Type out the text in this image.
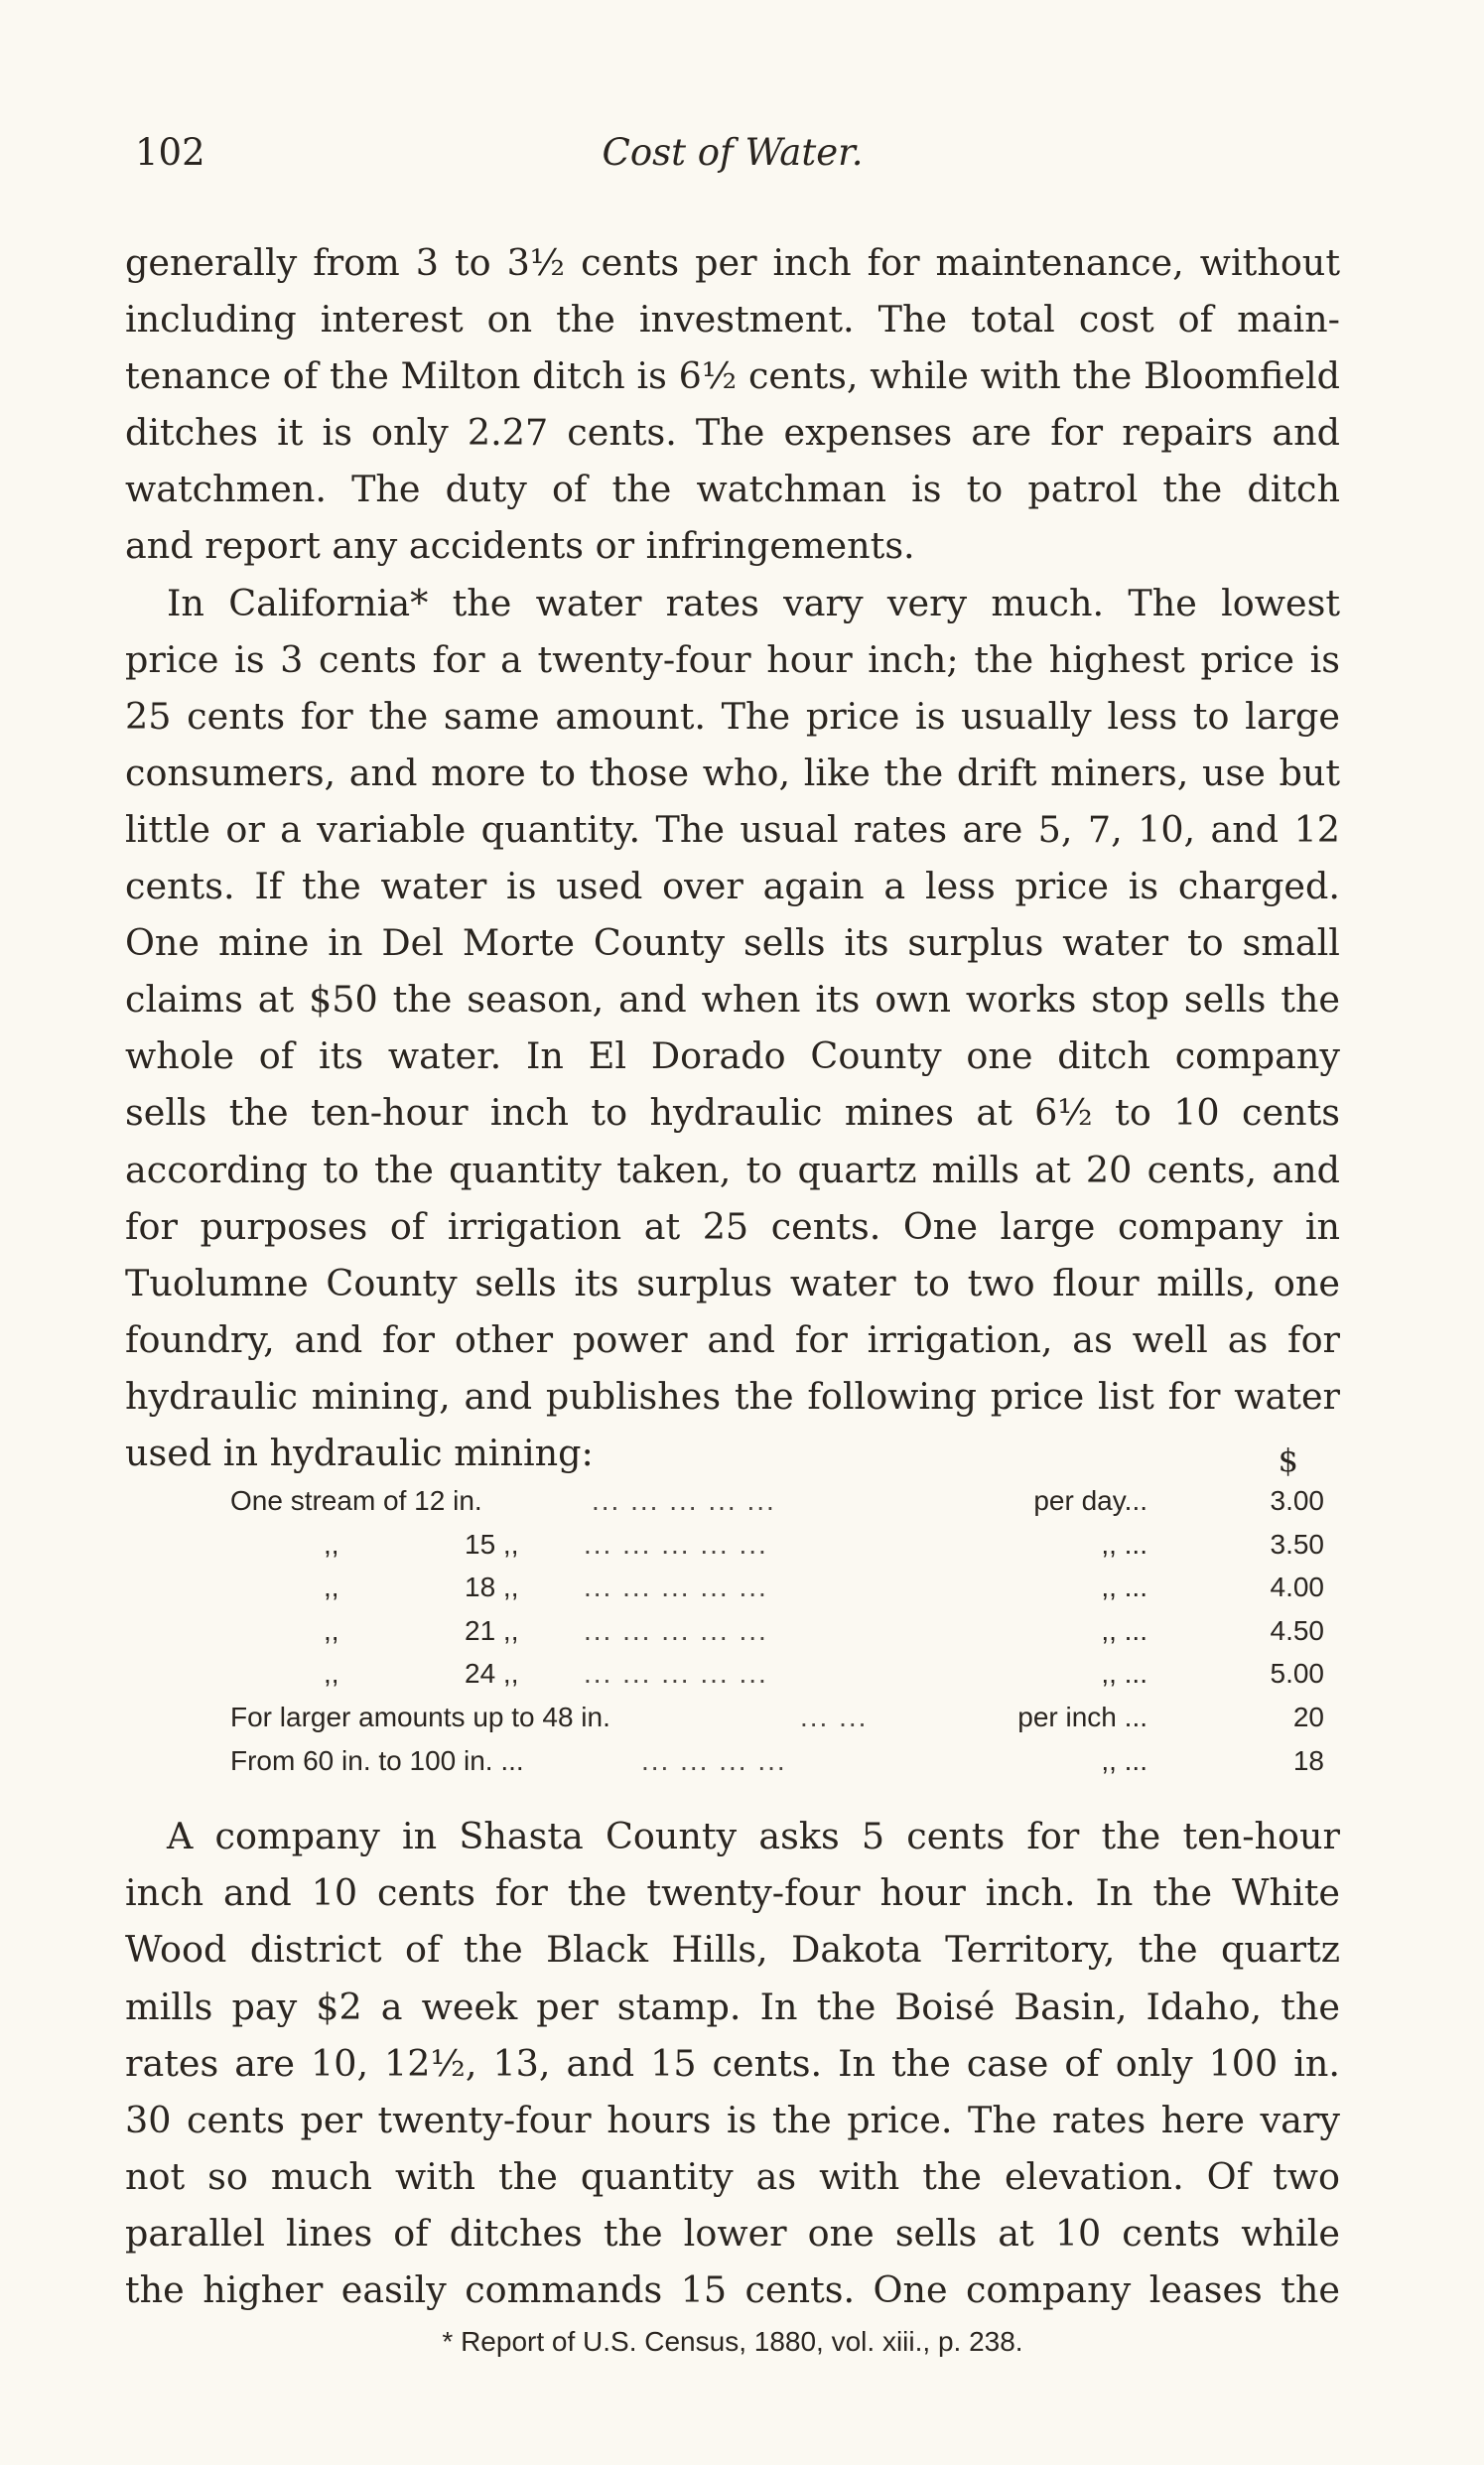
102	Cost of Water.

generally from 3 to 3½ cents per inch for maintenance, without

including interest on the investment. The total cost of main-

tenance of the Milton ditch is 6½ cents, while with the Bloomfield

ditches it is only 2.27 cents. The expenses are for repairs and

watchmen. The duty of the watchman is to patrol the ditch

and report any accidents or infringements.

In California* the water rates vary very much. The lowest

price is 3 cents for a twenty-four hour inch; the highest price is

25 cents for the same amount. The price is usually less to large

consumers, and more to those who, like the drift miners, use but

little or a variable quantity. The usual rates are 5, 7, 10, and 12

cents. If the water is used over again a less price is charged.

One mine in Del Morte County sells its surplus water to small

claims at $50 the season, and when its own works stop sells the

whole of its water. In El Dorado County one ditch company

sells the ten-hour inch to hydraulic mines at 6½ to 10 cents

according to the quantity taken, to quartz mills at 20 cents, and

for purposes of irrigation at 25 cents. One large company in

Tuolumne County sells its surplus water to two flour mills, one

foundry, and for other power and for irrigation, as well as for

hydraulic mining, and publishes the following price list for water

used in hydraulic mining:	$
One stream of 12 in.	... ... ... ... ...	per day...	3.00
,,	15 ,, ... ... ... ... ...	,, ...	3.50
,,	18 ,, ... ... ... ... ...	,, ...	4.00
,,	21 ,, ... ... ... ... ...	,, ...	4.50
,,	24 ,, ... ... ... ... ...	,, ...	5.00
For larger amounts up to 48 in.	... ...	per inch ...	20
From 60 in. to 100 in. ...	... ... ... ...	,, ...	18

A company in Shasta County asks 5 cents for the ten-hour

inch and 10 cents for the twenty-four hour inch. In the White

Wood district of the Black Hills, Dakota Territory, the quartz

mills pay $2 a week per stamp. In the Boisé Basin, Idaho, the

rates are 10, 12½, 13, and 15 cents. In the case of only 100 in.

30 cents per twenty-four hours is the price. The rates here vary

not so much with the quantity as with the elevation. Of two

parallel lines of ditches the lower one sells at 10 cents while

the higher easily commands 15 cents. One company leases the

* Report of U.S. Census, 1880, vol. xiii., p. 238.
